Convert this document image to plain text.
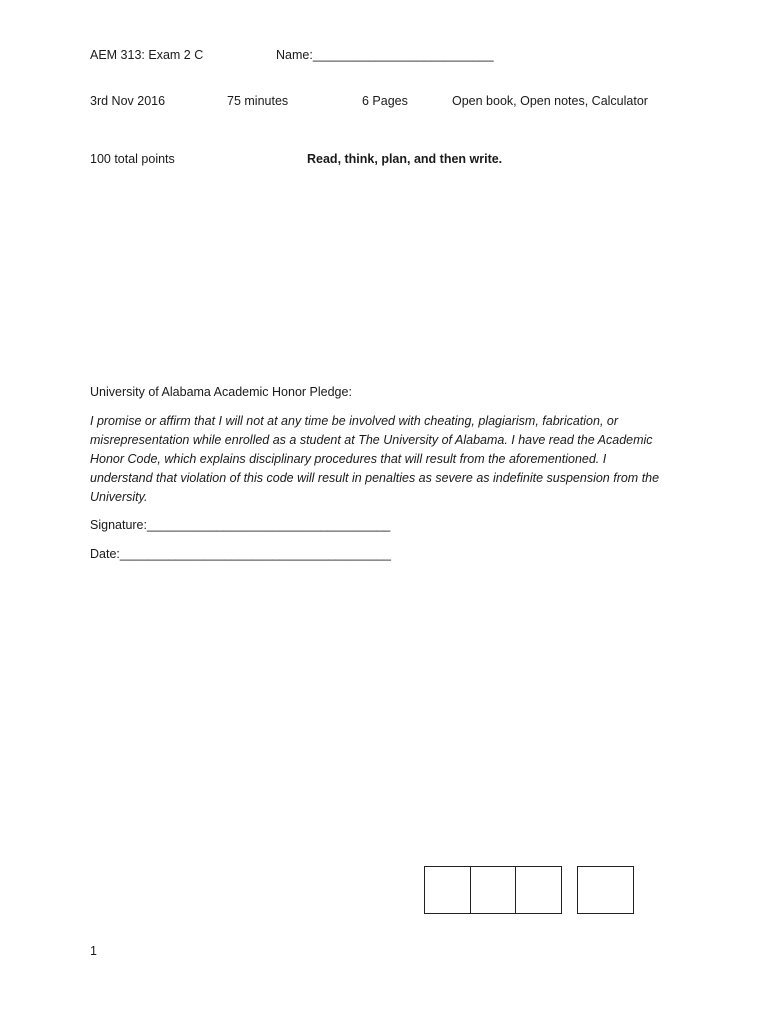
AEM 313: Exam 2 C	Name:__________________________
3rd Nov 2016	75 minutes	6 Pages	Open book, Open notes, Calculator
100 total points	Read, think, plan, and then write.
University of Alabama Academic Honor Pledge:
I promise or affirm that I will not at any time be involved with cheating, plagiarism, fabrication, or
misrepresentation while enrolled as a student at The University of Alabama. I have read the Academic
Honor Code, which explains disciplinary procedures that will result from the aforementioned. I
understand that violation of this code will result in penalties as severe as indefinite suspension from the
University.
Signature:___________________________________
Date:_______________________________________
1
